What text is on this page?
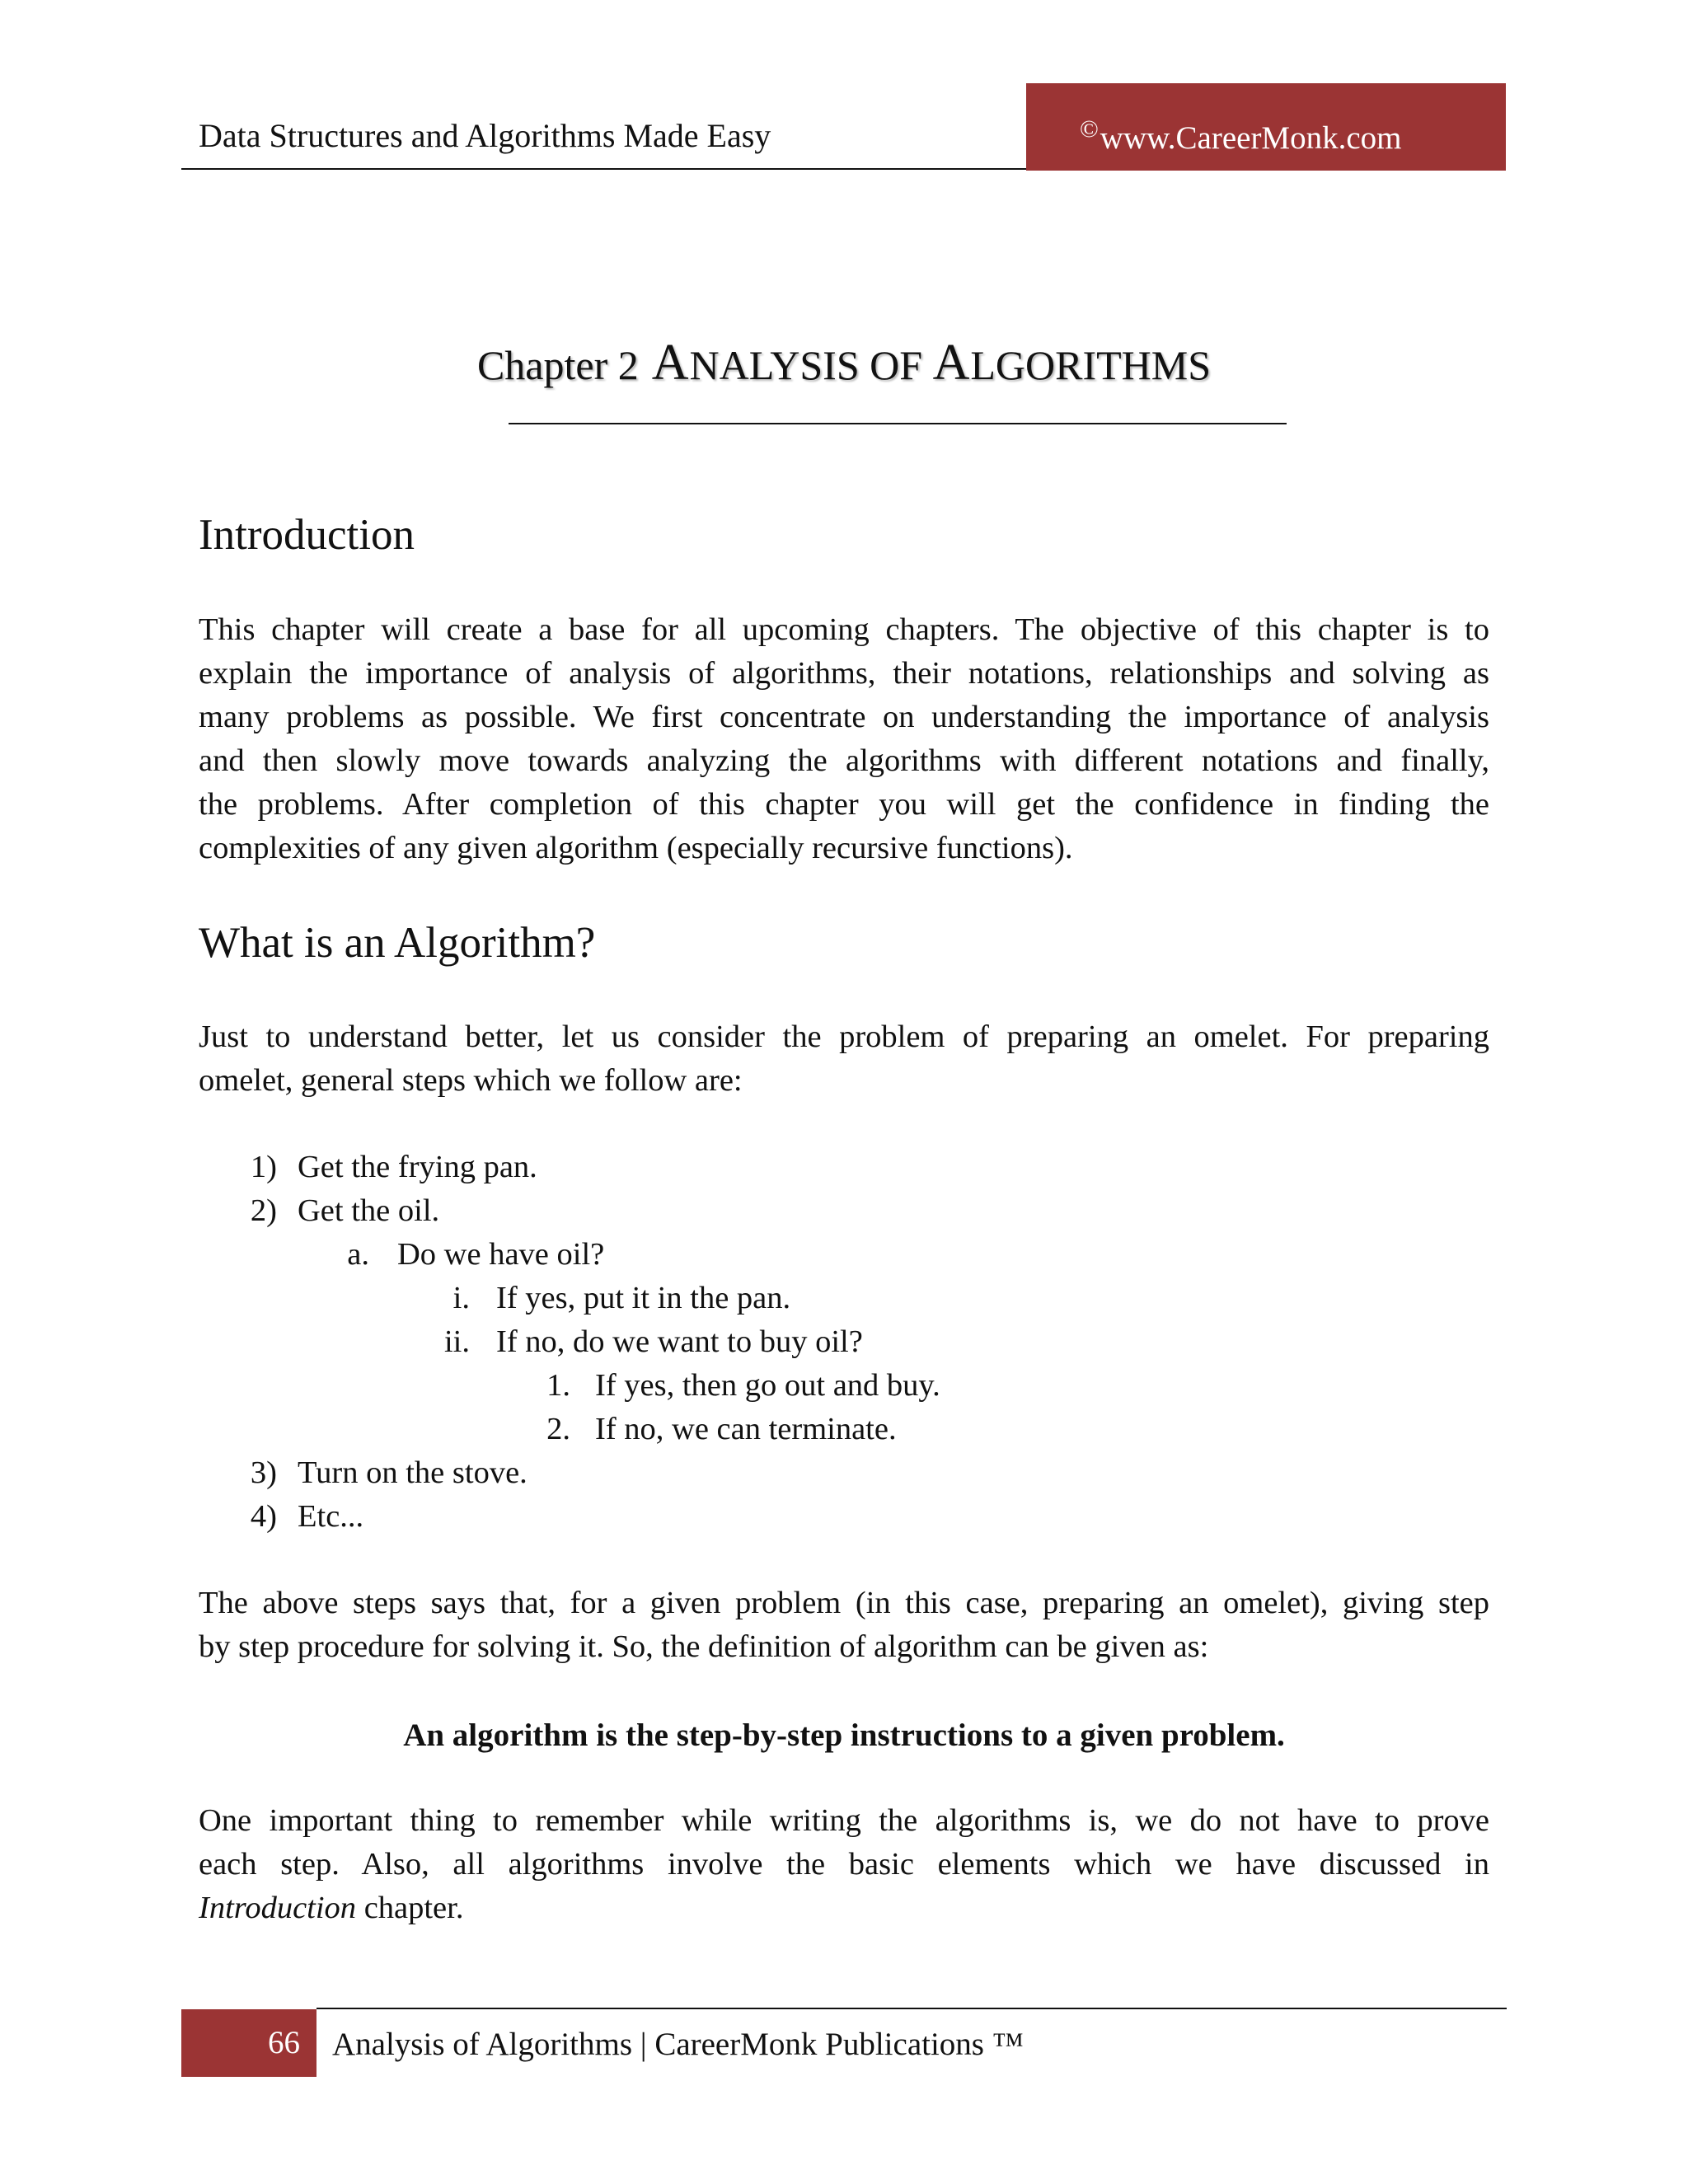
Data Structures and Algorithms Made Easy	©www.CareerMonk.com
Chapter 2 ANALYSIS OF ALGORITHMS
Introduction
This chapter will create a base for all upcoming chapters. The objective of this chapter is to
explain the importance of analysis of algorithms, their notations, relationships and solving as
many problems as possible. We first concentrate on understanding the importance of analysis
and then slowly move towards analyzing the algorithms with different notations and finally,
the problems. After completion of this chapter you will get the confidence in finding the
complexities of any given algorithm (especially recursive functions).
What is an Algorithm?
Just to understand better, let us consider the problem of preparing an omelet. For preparing
omelet, general steps which we follow are:
1) Get the frying pan.
2) Get the oil.
a. Do we have oil?
i. If yes, put it in the pan.
ii. If no, do we want to buy oil?
1. If yes, then go out and buy.
2. If no, we can terminate.
3) Turn on the stove.
4) Etc...
The above steps says that, for a given problem (in this case, preparing an omelet), giving step
by step procedure for solving it. So, the definition of algorithm can be given as:
An algorithm is the step-by-step instructions to a given problem.
One important thing to remember while writing the algorithms is, we do not have to prove
each step. Also, all algorithms involve the basic elements which we have discussed in
Introduction chapter.
66 Analysis of Algorithms | CareerMonk Publications ™
